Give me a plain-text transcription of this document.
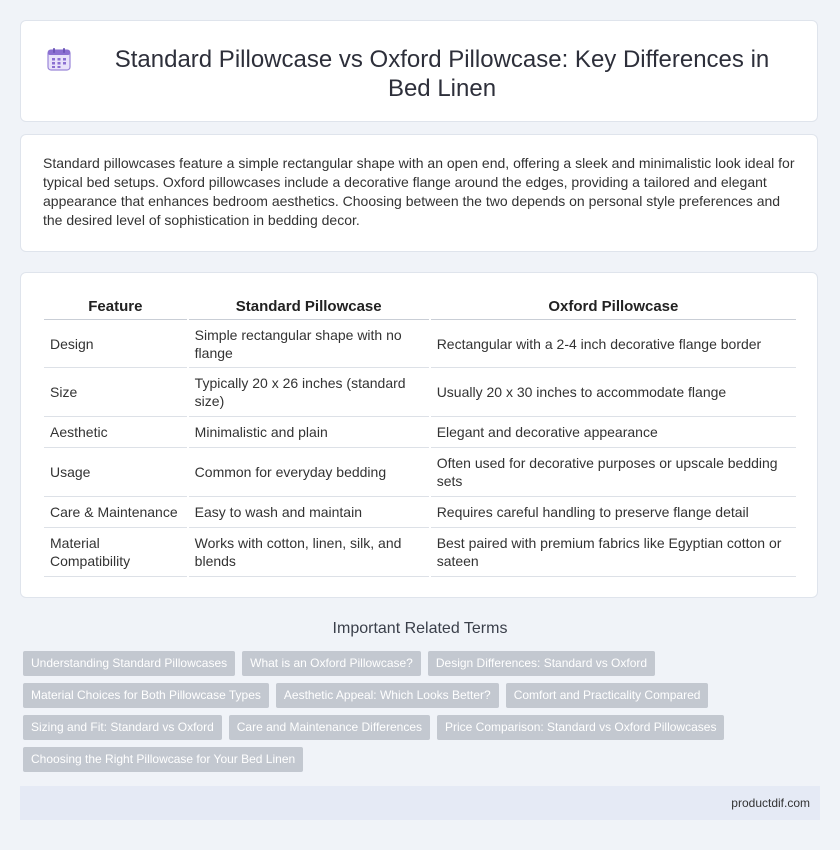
Standard Pillowcase vs Oxford Pillowcase: Key Differences in Bed Linen

Standard pillowcases feature a simple rectangular shape with an open end, offering a sleek and minimalistic look ideal for typical bed setups. Oxford pillowcases include a decorative flange around the edges, providing a tailored and elegant appearance that enhances bedroom aesthetics. Choosing between the two depends on personal style preferences and the desired level of sophistication in bedding decor.

Feature	Standard Pillowcase	Oxford Pillowcase
Design	Simple rectangular shape with no flange	Rectangular with a 2-4 inch decorative flange border
Size	Typically 20 x 26 inches (standard size)	Usually 20 x 30 inches to accommodate flange
Aesthetic	Minimalistic and plain	Elegant and decorative appearance
Usage	Common for everyday bedding	Often used for decorative purposes or upscale bedding sets
Care & Maintenance	Easy to wash and maintain	Requires careful handling to preserve flange detail
Material Compatibility	Works with cotton, linen, silk, and blends	Best paired with premium fabrics like Egyptian cotton or sateen
Important Related Terms
Understanding Standard Pillowcases	What is an Oxford Pillowcase?	Design Differences: Standard vs Oxford
Material Choices for Both Pillowcase Types	Aesthetic Appeal: Which Looks Better?	Comfort and Practicality Compared
Sizing and Fit: Standard vs Oxford	Care and Maintenance Differences	Price Comparison: Standard vs Oxford Pillowcases
Choosing the Right Pillowcase for Your Bed Linen
productdif.com
